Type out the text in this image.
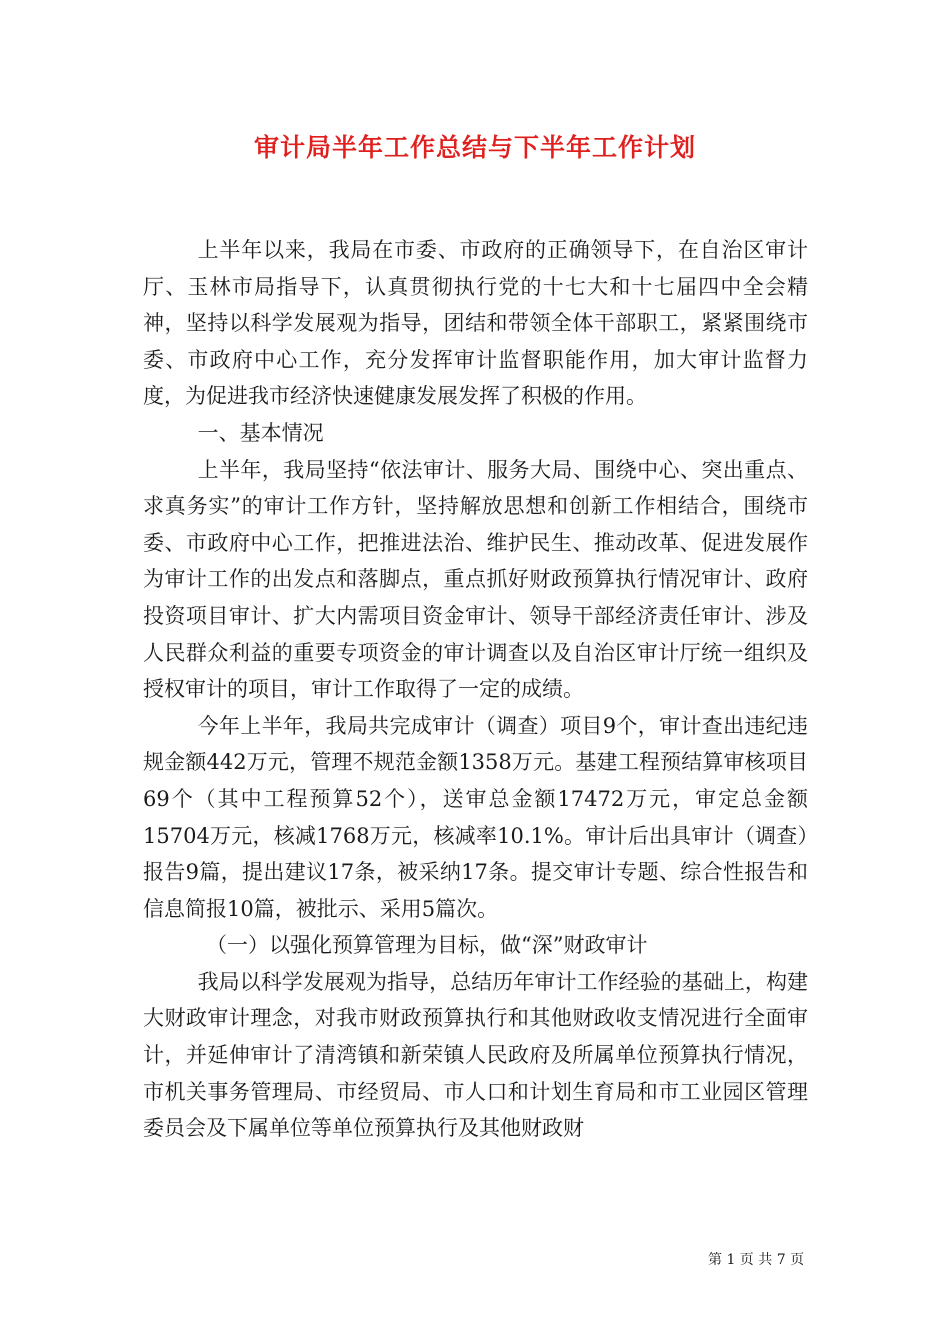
审计局半年工作总结与下半年工作计划

上半年以来，我局在市委、市政府的正确领导下，在自治区审计厅、玉林市局指导下，认真贯彻执行党的十七大和十七届四中全会精神，坚持以科学发展观为指导，团结和带领全体干部职工，紧紧围绕市委、市政府中心工作，充分发挥审计监督职能作用，加大审计监督力度，为促进我市经济快速健康发展发挥了积极的作用。

一、基本情况

上半年，我局坚持“依法审计、服务大局、围绕中心、突出重点、求真务实”的审计工作方针，坚持解放思想和创新工作相结合，围绕市委、市政府中心工作，把推进法治、维护民生、推动改革、促进发展作为审计工作的出发点和落脚点，重点抓好财政预算执行情况审计、政府投资项目审计、扩大内需项目资金审计、领导干部经济责任审计、涉及人民群众利益的重要专项资金的审计调查以及自治区审计厅统一组织及授权审计的项目，审计工作取得了一定的成绩。

今年上半年，我局共完成审计（调查）项目9个，审计查出违纪违规金额442万元，管理不规范金额1358万元。基建工程预结算审核项目69个（其中工程预算52个），送审总金额17472万元，审定总金额15704万元，核减1768万元，核减率10.1%。审计后出具审计（调查）报告9篇，提出建议17条，被采纳17条。提交审计专题、综合性报告和信息简报10篇，被批示、采用5篇次。

（一）以强化预算管理为目标，做“深”财政审计

我局以科学发展观为指导，总结历年审计工作经验的基础上，构建大财政审计理念，对我市财政预算执行和其他财政收支情况进行全面审计，并延伸审计了清湾镇和新荣镇人民政府及所属单位预算执行情况，市机关事务管理局、市经贸局、市人口和计划生育局和市工业园区管理委员会及下属单位等单位预算执行及其他财政财

第 1 页 共 7 页
